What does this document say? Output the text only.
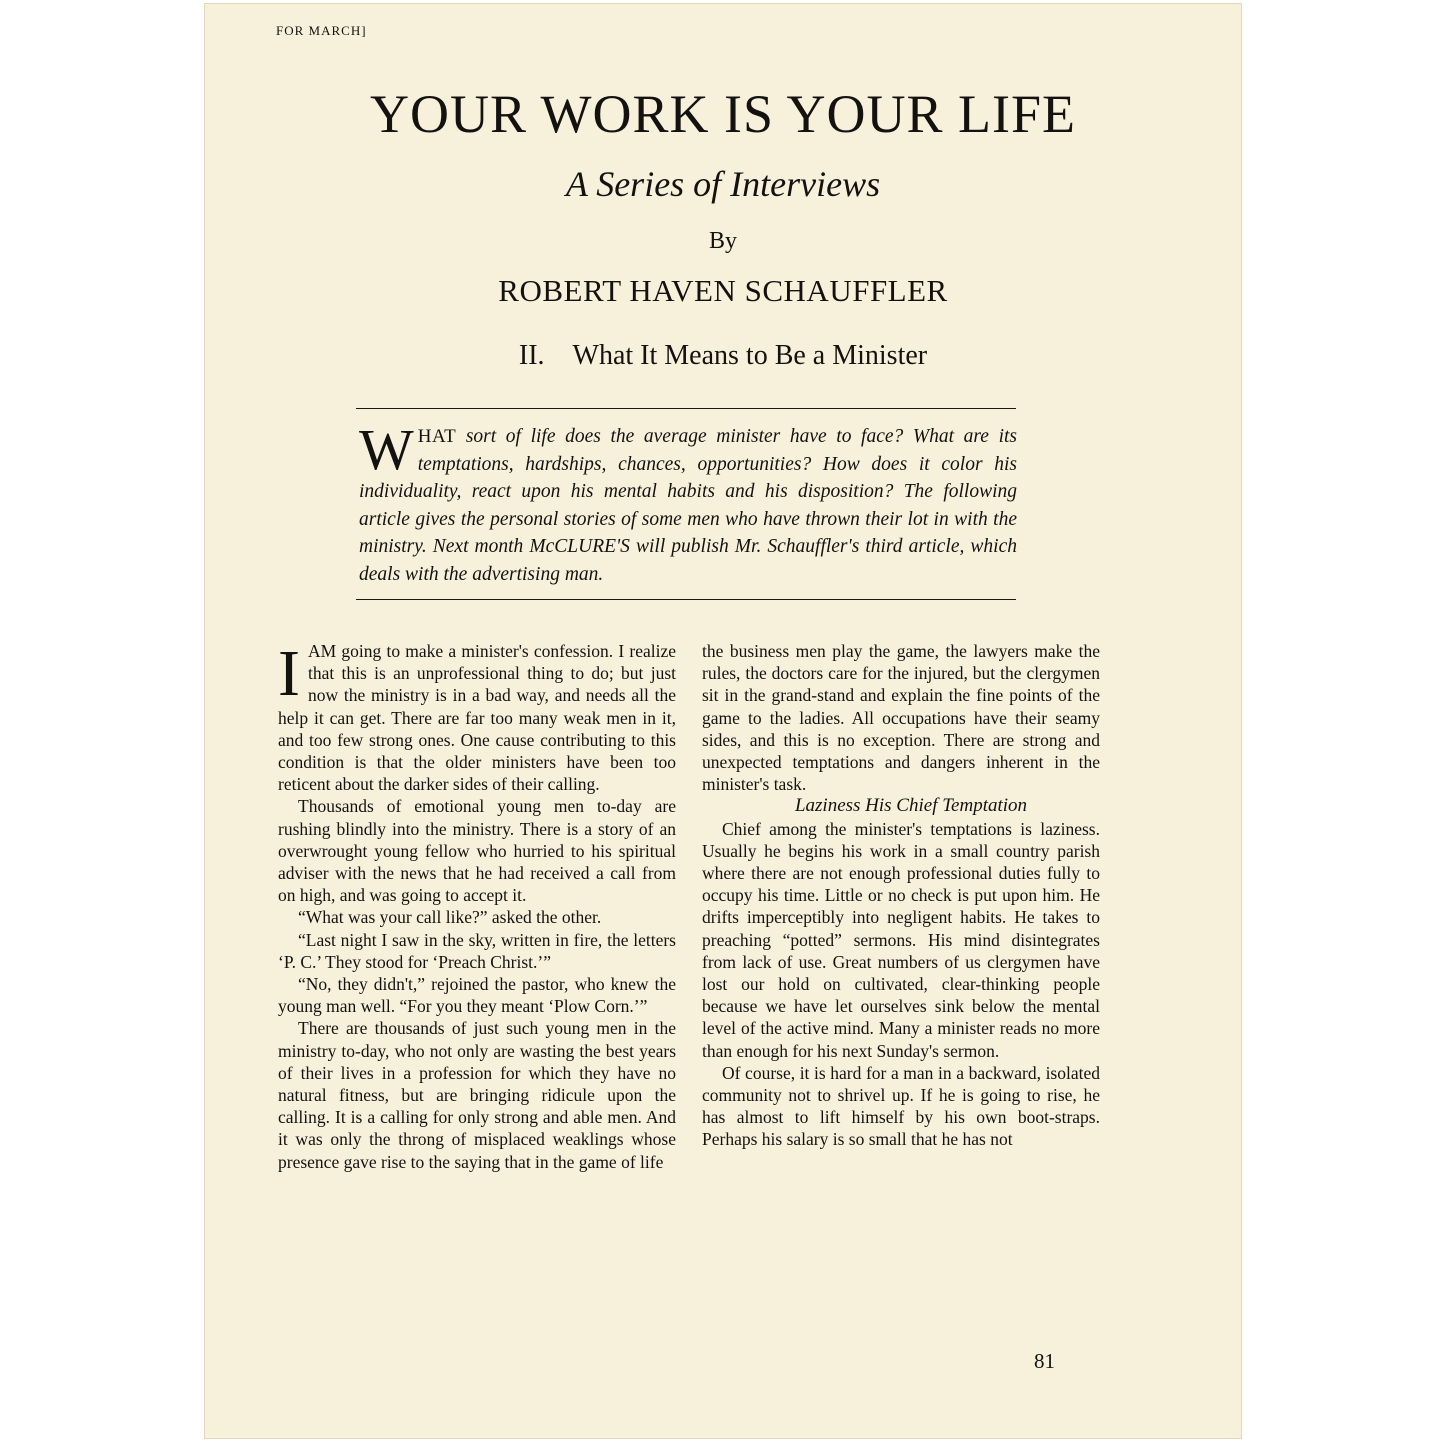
FOR MARCH]
YOUR WORK IS YOUR LIFE
A Series of Interviews
By
ROBERT HAVEN SCHAUFFLER
II. What It Means to Be a Minister
WHAT sort of life does the average minister have to face? What are its temptations, hardships, chances, opportunities? How does it color his individuality, react upon his mental habits and his disposition? The following article gives the personal stories of some men who have thrown their lot in with the ministry. Next month McCLURE'S will publish Mr. Schauffler's third article, which deals with the advertising man.

I AM going to make a minister's confession. I realize that this is an unprofessional thing to do; but just now the ministry is in a bad way, and needs all the help it can get. There are far too many weak men in it, and too few strong ones. One cause contributing to this condition is that the older ministers have been too reticent about the darker sides of their calling.

Thousands of emotional young men to-day are rushing blindly into the ministry. There is a story of an overwrought young fellow who hurried to his spiritual adviser with the news that he had received a call from on high, and was going to accept it.

“What was your call like?” asked the other.

“Last night I saw in the sky, written in fire, the letters ‘P. C.’ They stood for ‘Preach Christ.’”

“No, they didn't,” rejoined the pastor, who knew the young man well. “For you they meant ‘Plow Corn.’”

There are thousands of just such young men in the ministry to-day, who not only are wasting the best years of their lives in a profession for which they have no natural fitness, but are bringing ridicule upon the calling. It is a calling for only strong and able men. And it was only the throng of misplaced weaklings whose presence gave rise to the saying that in the game of life

the business men play the game, the lawyers make the rules, the doctors care for the injured, but the clergymen sit in the grand-stand and explain the fine points of the game to the ladies. All occupations have their seamy sides, and this is no exception. There are strong and unexpected temptations and dangers inherent in the minister's task.

Laziness His Chief Temptation

Chief among the minister's temptations is laziness. Usually he begins his work in a small country parish where there are not enough professional duties fully to occupy his time. Little or no check is put upon him. He drifts imperceptibly into negligent habits. He takes to preaching “potted” sermons. His mind disintegrates from lack of use. Great numbers of us clergymen have lost our hold on cultivated, clear-thinking people because we have let ourselves sink below the mental level of the active mind. Many a minister reads no more than enough for his next Sunday's sermon.

Of course, it is hard for a man in a backward, isolated community not to shrivel up. If he is going to rise, he has almost to lift himself by his own boot-straps. Perhaps his salary is so small that he has not

81
